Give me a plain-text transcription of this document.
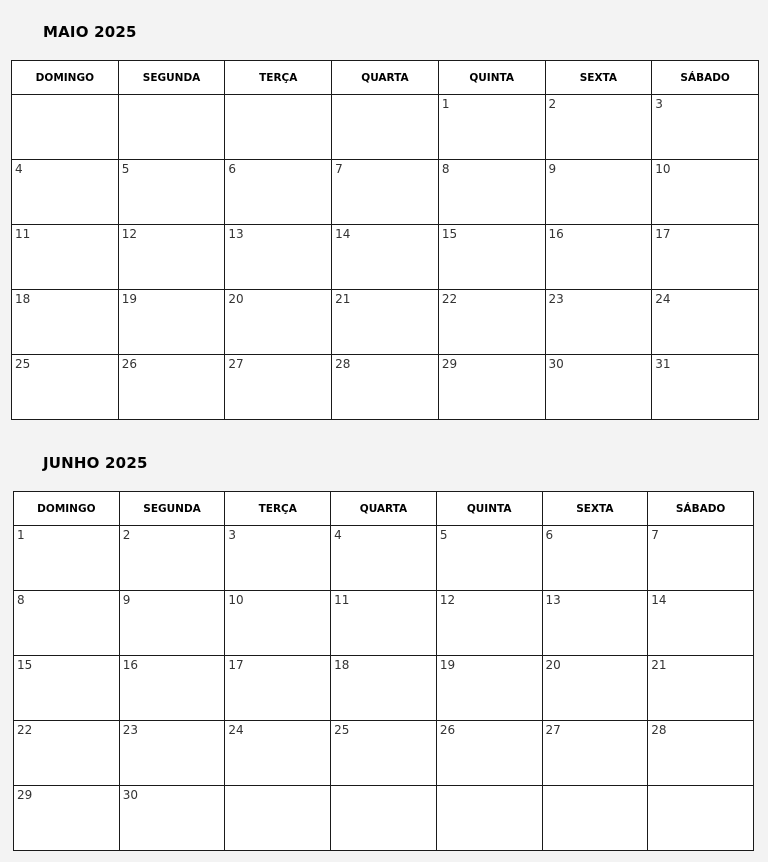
MAIO 2025
DOMINGO	SEGUNDA	TERÇA	QUARTA	QUINTA	SEXTA	SÁBADO

				1	2	3

4	5	6	7	8	9	10

11	12	13	14	15	16	17

18	19	20	21	22	23	24

25	26	27	28	29	30	31
JUNHO 2025
DOMINGO	SEGUNDA	TERÇA	QUARTA	QUINTA	SEXTA	SÁBADO

1	2	3	4	5	6	7

8	9	10	11	12	13	14

15	16	17	18	19	20	21

22	23	24	25	26	27	28

29	30					
